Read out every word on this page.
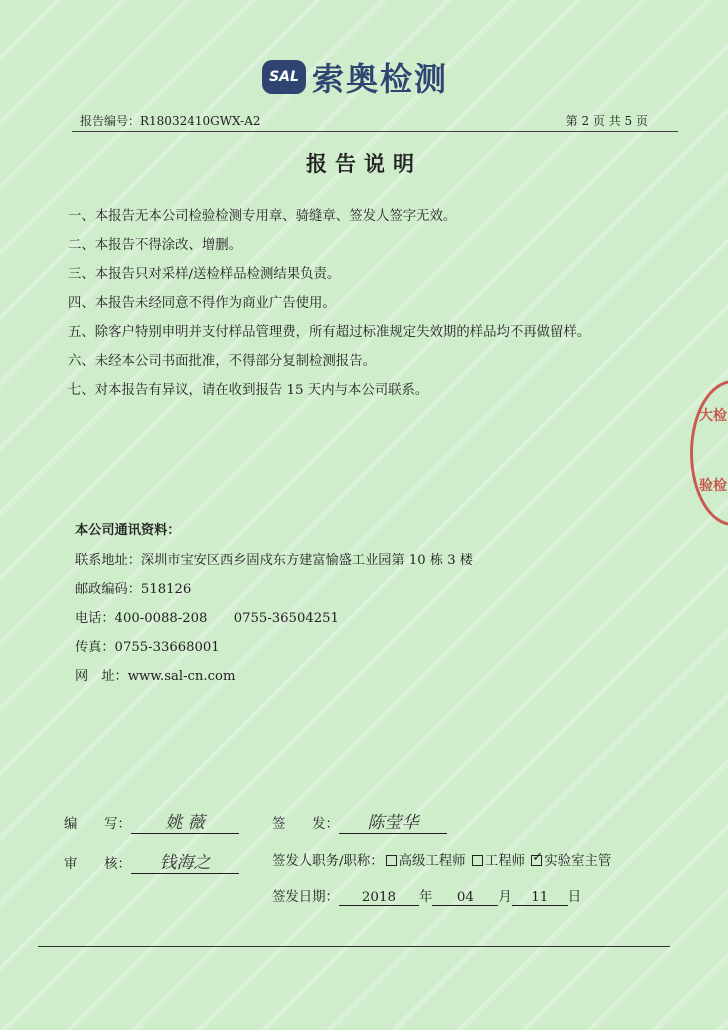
SAL 索奥检测
报告编号：R18032410GWX-A2	第 2 页 共 5 页
报告说明
一、本报告无本公司检验检测专用章、骑缝章、签发人签字无效。
二、本报告不得涂改、增删。
三、本报告只对采样/送检样品检测结果负责。
四、本报告未经同意不得作为商业广告使用。
五、除客户特别申明并支付样品管理费，所有超过标准规定失效期的样品均不再做留样。
六、未经本公司书面批准，不得部分复制检测报告。
七、对本报告有异议，请在收到报告 15 天内与本公司联系。
本公司通讯资料：
联系地址：深圳市宝安区西乡固戍东方建富愉盛工业园第 10 栋 3 楼
邮政编码：518126
电话：400-0088-208　　0755-36504251
传真：0755-33668001
网　址：www.sal-cn.com
编　　写： 姚 薇	签　　发： 陈莹华
审　　核： 钱海之	签发人职务/职称： 高级工程师 工程师 ✓ 实验室主管
签发日期： 2018 年 04 月 11 日
大检
验检
